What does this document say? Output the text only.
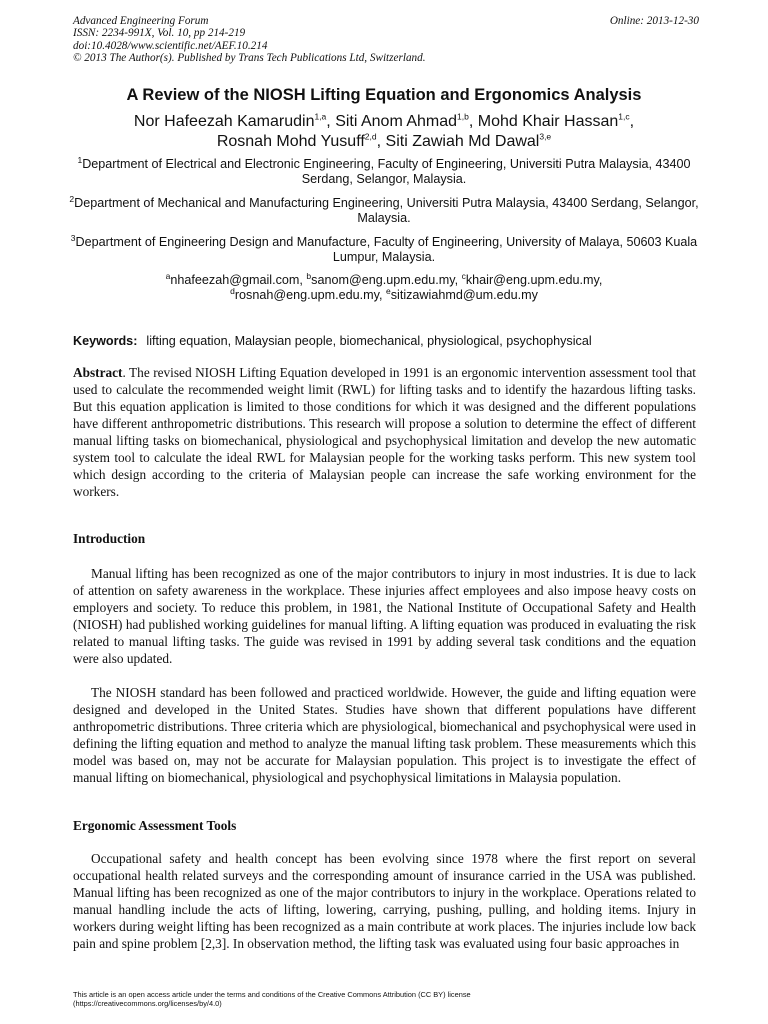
Advanced Engineering Forum
ISSN: 2234-991X, Vol. 10, pp 214-219
doi:10.4028/www.scientific.net/AEF.10.214
© 2013 The Author(s). Published by Trans Tech Publications Ltd, Switzerland.
Online: 2013-12-30
A Review of the NIOSH Lifting Equation and Ergonomics Analysis
Nor Hafeezah Kamarudin$^{1,a}$, Siti Anom Ahmad$^{1,b}$, Mohd Khair Hassan$^{1,c}$,
Rosnah Mohd Yusuff$^{2,d}$, Siti Zawiah Md Dawal$^{3,e}$
$^1$Department of Electrical and Electronic Engineering, Faculty of Engineering, Universiti Putra Malaysia, 43400 Serdang, Selangor, Malaysia.
$^2$Department of Mechanical and Manufacturing Engineering, Universiti Putra Malaysia, 43400 Serdang, Selangor, Malaysia.
$^3$Department of Engineering Design and Manufacture, Faculty of Engineering, University of Malaya, 50603 Kuala Lumpur, Malaysia.
$^a$nhafeezah@gmail.com, $^b$sanom@eng.upm.edu.my, $^c$khair@eng.upm.edu.my,
$^d$rosnah@eng.upm.edu.my, $^e$sitizawiahmd@um.edu.my
Keywords: lifting equation, Malaysian people, biomechanical, physiological, psychophysical
Abstract. The revised NIOSH Lifting Equation developed in 1991 is an ergonomic intervention assessment tool that used to calculate the recommended weight limit (RWL) for lifting tasks and to identify the hazardous lifting tasks. But this equation application is limited to those conditions for which it was designed and the different populations have different anthropometric distributions. This research will propose a solution to determine the effect of different manual lifting tasks on biomechanical, physiological and psychophysical limitation and develop the new automatic system tool to calculate the ideal RWL for Malaysian people for the working tasks perform. This new system tool which design according to the criteria of Malaysian people can increase the safe working environment for the workers.
Introduction
Manual lifting has been recognized as one of the major contributors to injury in most industries. It is due to lack of attention on safety awareness in the workplace. These injuries affect employees and also impose heavy costs on employers and society. To reduce this problem, in 1981, the National Institute of Occupational Safety and Health (NIOSH) had published working guidelines for manual lifting. A lifting equation was produced in evaluating the risk related to manual lifting tasks. The guide was revised in 1991 by adding several task conditions and the equation were also updated.
The NIOSH standard has been followed and practiced worldwide. However, the guide and lifting equation were designed and developed in the United States. Studies have shown that different populations have different anthropometric distributions. Three criteria which are physiological, biomechanical and psychophysical were used in defining the lifting equation and method to analyze the manual lifting task problem. These measurements which this model was based on, may not be accurate for Malaysian population. This project is to investigate the effect of manual lifting on biomechanical, physiological and psychophysical limitations in Malaysia population.
Ergonomic Assessment Tools
Occupational safety and health concept has been evolving since 1978 where the first report on several occupational health related surveys and the corresponding amount of insurance carried in the USA was published. Manual lifting has been recognized as one of the major contributors to injury in the workplace. Operations related to manual handling include the acts of lifting, lowering, carrying, pushing, pulling, and holding items. Injury in workers during weight lifting has been recognized as a main contribute at work places. The injuries include low back pain and spine problem [2,3]. In observation method, the lifting task was evaluated using four basic approaches in
This article is an open access article under the terms and conditions of the Creative Commons Attribution (CC BY) license
(https://creativecommons.org/licenses/by/4.0)
